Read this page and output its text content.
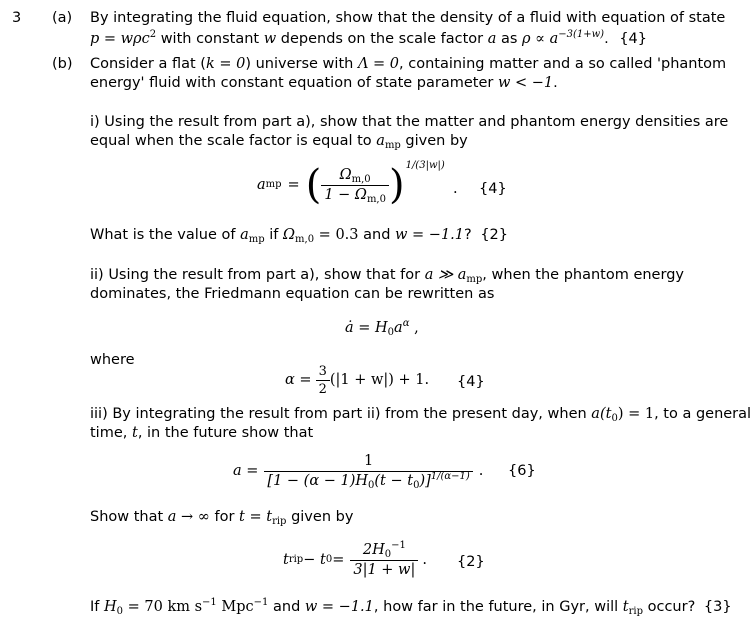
3 (a)
(b)
By integrating the fluid equation, show that the density of a fluid with equation of state
p = wρc$^2$ with constant w depends on the scale factor a as $\rho \propto a^{-3(1+w)}$. {4}
Consider a flat (k = 0) universe with Λ = 0, containing matter and a so called 'phantom
energy' fluid with constant equation of state parameter w < −1.
i) Using the result from part a), show that the matter and phantom energy densities are
equal when the scale factor is equal to $a_{mp}$ given by
a mp = ( $\frac{\Omega_{m,0}}{1 - \Omega_{m,0}}$ ) 1/(3|w|)
. {4}
What is the value of $a_{mp}$ if $\Omega_{m,0} = 0.3$ and w = −1.1? {2}
ii) Using the result from part a), show that for a ≫ $a_{mp}$, when the phantom energy
dominates, the Friedmann equation can be rewritten as
ȧ = $H_0a^\alpha$ ,
where
$\alpha = \frac{3}{2} (|1 + w|) + 1$. {4}
iii) By integrating the result from part ii) from the present day, when $a(t_0) = 1$, to a general
time, t, in the future show that
$a = \frac{1}{[1 - (\alpha - 1)H_0(t - t_0)]^{1/(\alpha-1)}}$ . {6}
Show that a → ∞ for $t = t_{rip}$ given by
t rip − t $0 = \frac{2H_0^{-1}}{3|1 + w|}$ . {2}
If $H_0 = 70$ km $s^{-1}$ Mpc$^{-1}$ and w = −1.1, how far in the future, in Gyr, will $t_{rip}$ occur? {3}
